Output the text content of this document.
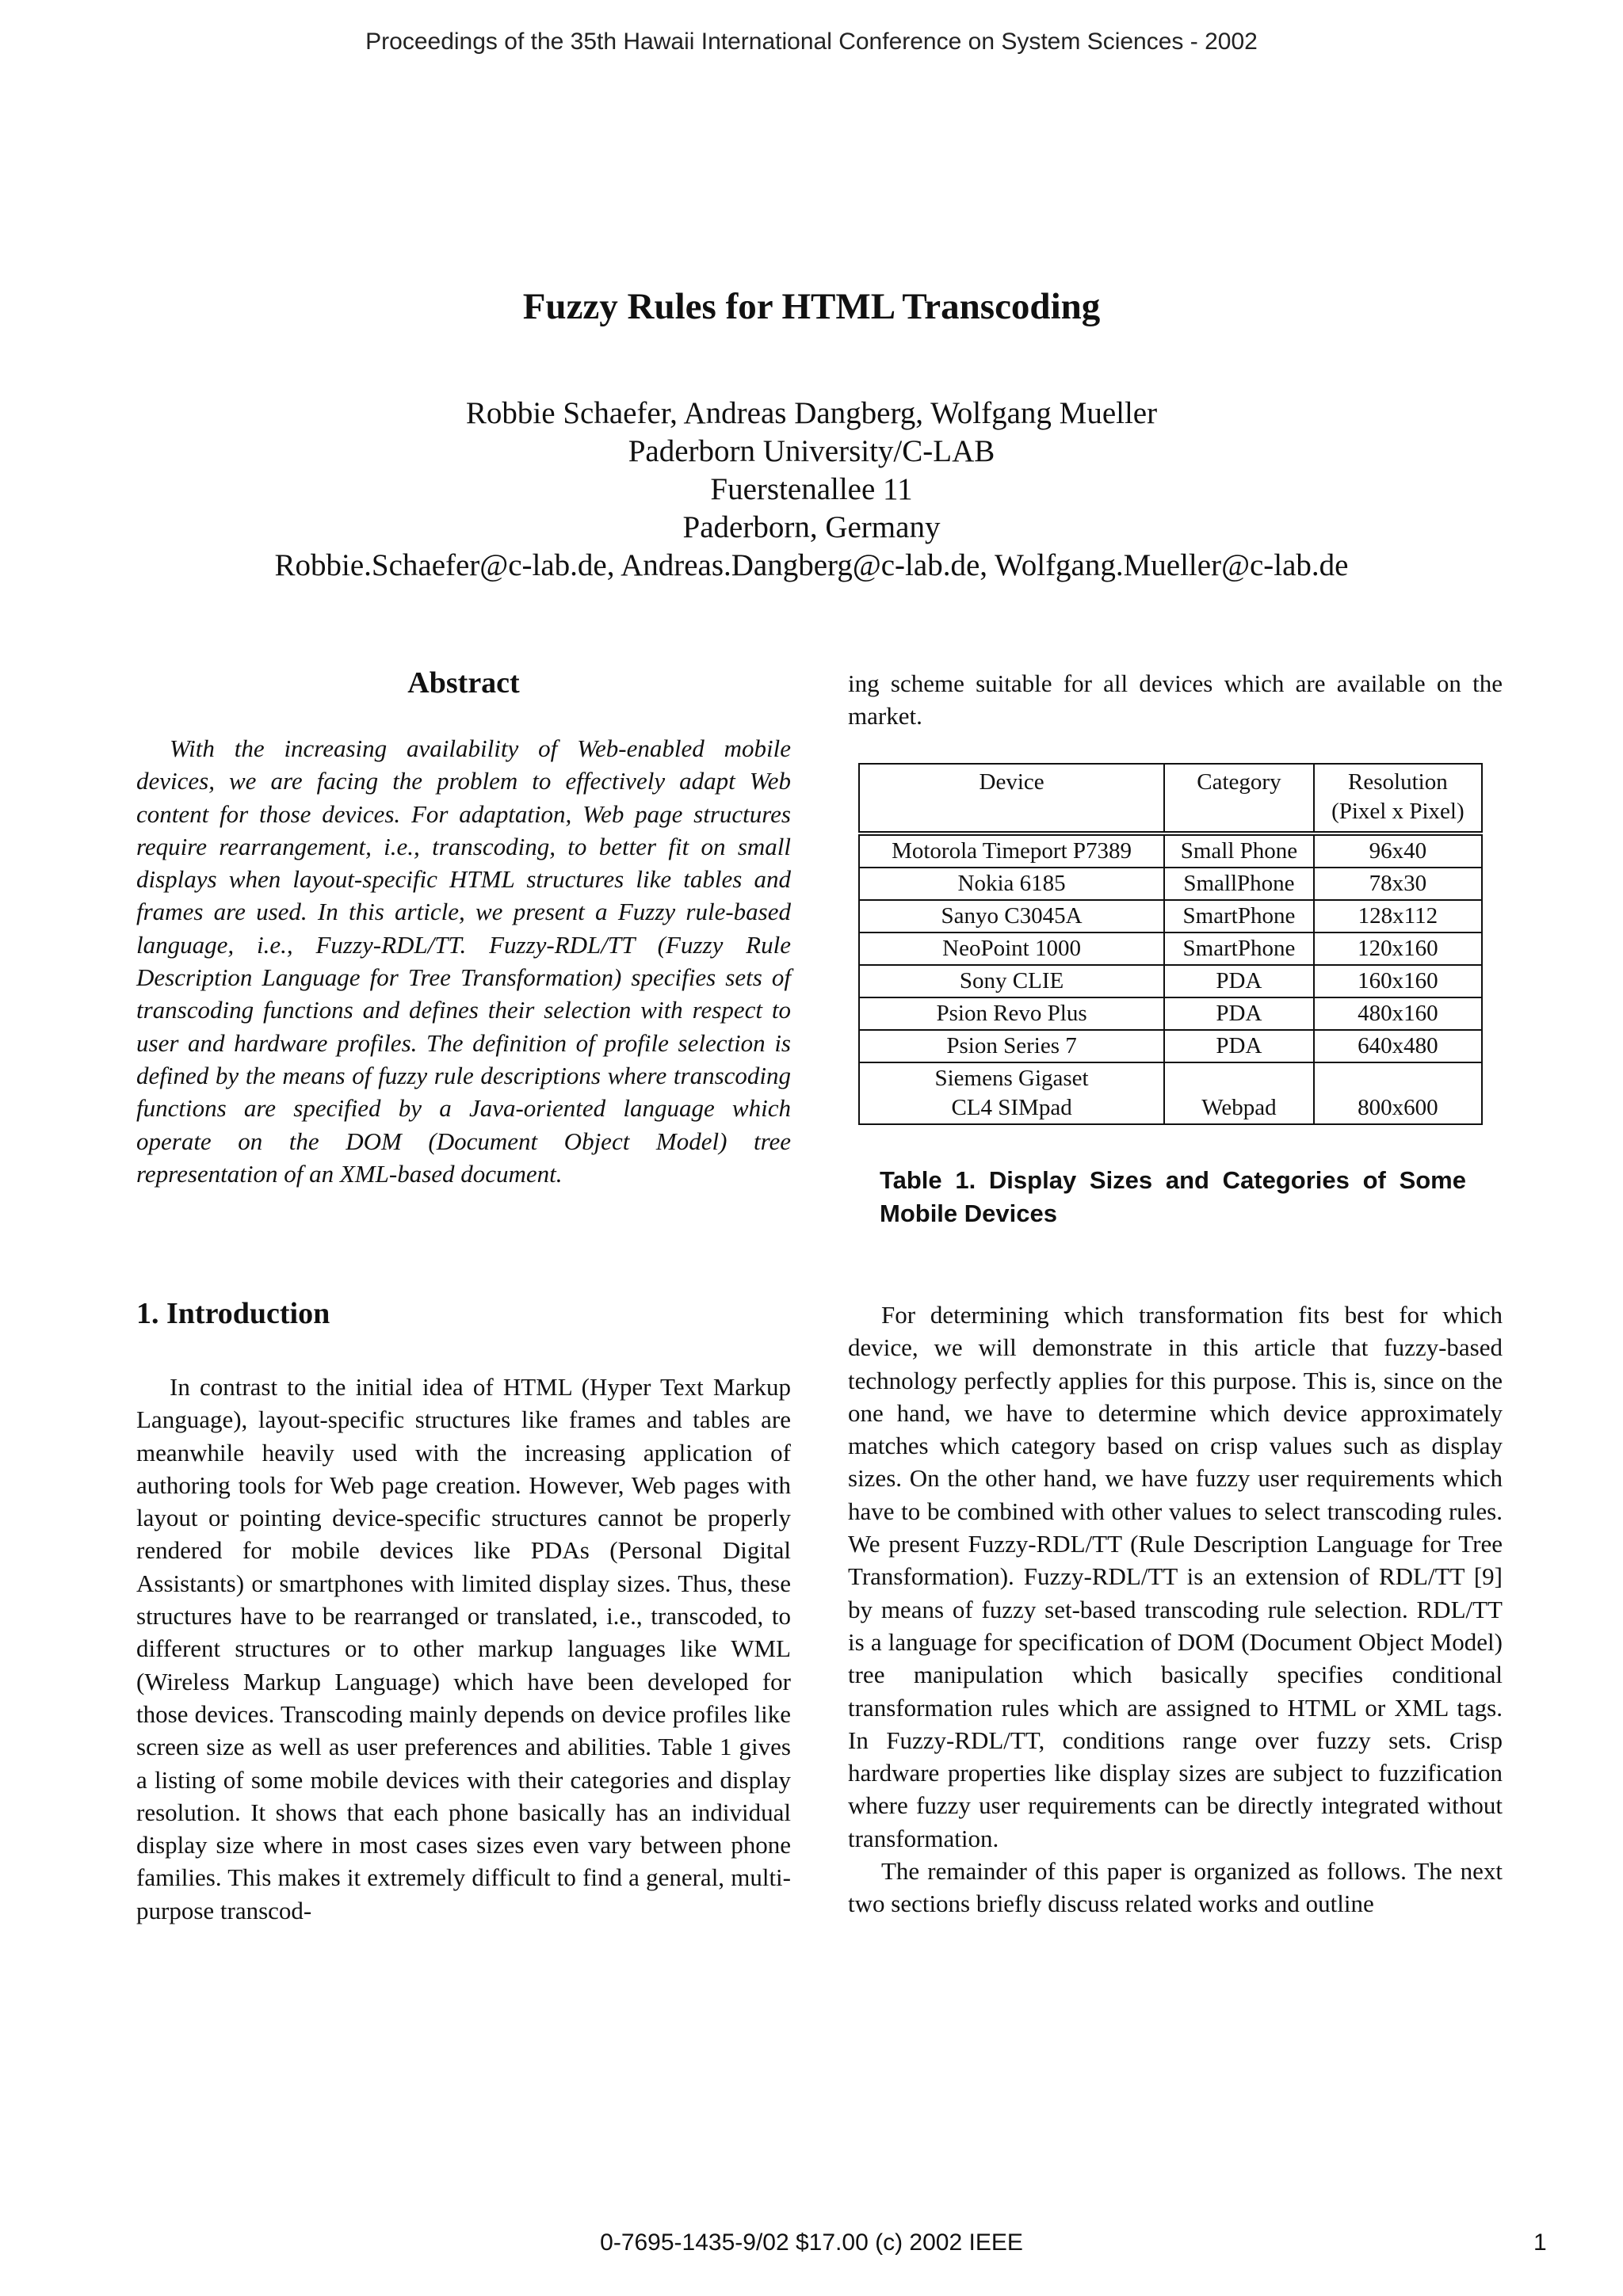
Proceedings of the 35th Hawaii International Conference on System Sciences - 2002
Fuzzy Rules for HTML Transcoding
Robbie Schaefer, Andreas Dangberg, Wolfgang Mueller
Paderborn University/C-LAB
Fuerstenallee 11
Paderborn, Germany
Robbie.Schaefer@c-lab.de, Andreas.Dangberg@c-lab.de, Wolfgang.Mueller@c-lab.de
Abstract

With the increasing availability of Web-enabled mobile devices, we are facing the problem to effectively adapt Web content for those devices. For adaptation, Web page structures require rearrangement, i.e., transcoding, to better fit on small displays when layout-specific HTML structures like tables and frames are used. In this article, we present a Fuzzy rule-based language, i.e., Fuzzy-RDL/TT. Fuzzy-RDL/TT (Fuzzy Rule Description Language for Tree Transformation) specifies sets of transcoding functions and defines their selection with respect to user and hardware profiles. The definition of profile selection is defined by the means of fuzzy rule descriptions where transcoding functions are specified by a Java-oriented language which operate on the DOM (Document Object Model) tree representation of an XML-based document.

1. Introduction

In contrast to the initial idea of HTML (Hyper Text Markup Language), layout-specific structures like frames and tables are meanwhile heavily used with the increasing application of authoring tools for Web page creation. However, Web pages with layout or pointing device-specific structures cannot be properly rendered for mobile devices like PDAs (Personal Digital Assistants) or smartphones with limited display sizes. Thus, these structures have to be rearranged or translated, i.e., transcoded, to different structures or to other markup languages like WML (Wireless Markup Language) which have been developed for those devices. Transcoding mainly depends on device profiles like screen size as well as user preferences and abilities. Table 1 gives a listing of some mobile devices with their categories and display resolution. It shows that each phone basically has an individual display size where in most cases sizes even vary between phone families. This makes it extremely difficult to find a general, multi-purpose transcod-

ing scheme suitable for all devices which are available on the market.

Device	Category	Resolution
(Pixel x Pixel)
Motorola Timeport P7389	Small Phone	96x40
Nokia 6185	SmallPhone	78x30
Sanyo C3045A	SmartPhone	128x112
NeoPoint 1000	SmartPhone	120x160
Sony CLIE	PDA	160x160
Psion Revo Plus	PDA	480x160
Psion Series 7	PDA	640x480
Siemens Gigaset
CL4 SIMpad	Webpad	800x600
Table 1. Display Sizes and Categories of Some Mobile Devices

For determining which transformation fits best for which device, we will demonstrate in this article that fuzzy-based technology perfectly applies for this purpose. This is, since on the one hand, we have to determine which device approximately matches which category based on crisp values such as display sizes. On the other hand, we have fuzzy user requirements which have to be combined with other values to select transcoding rules. We present Fuzzy-RDL/TT (Rule Description Language for Tree Transformation). Fuzzy-RDL/TT is an extension of RDL/TT [9] by means of fuzzy set-based transcoding rule selection. RDL/TT is a language for specification of DOM (Document Object Model) tree manipulation which basically specifies conditional transformation rules which are assigned to HTML or XML tags. In Fuzzy-RDL/TT, conditions range over fuzzy sets. Crisp hardware properties like display sizes are subject to fuzzification where fuzzy user requirements can be directly integrated without transformation.

The remainder of this paper is organized as follows. The next two sections briefly discuss related works and outline

0-7695-1435-9/02 $17.00 (c) 2002 IEEE	1
